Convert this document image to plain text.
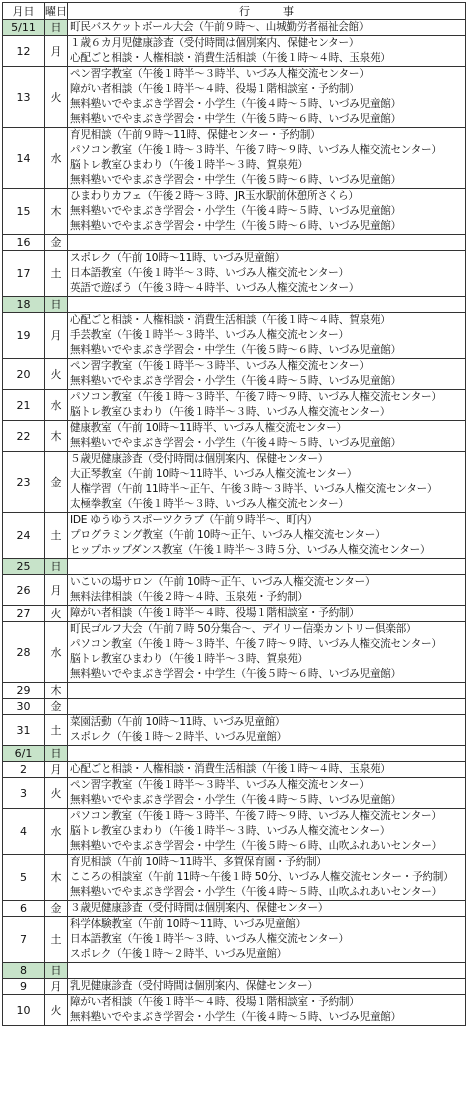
月日	曜日	行　　　事
5/11	日	町民バスケットボール大会（午前９時～、山城勤労者福祉会館）

12	月	１歳６カ月児健康診査（受付時間は個別案内、保健センター）
心配ごと相談・人権相談・消費生活相談（午後１時～４時、玉泉苑）

13	火	ペン習字教室（午後１時半～３時半、いづみ人権交流センター）
障がい者相談（午後１時半～４時、役場１階相談室・予約制）
無料塾いでやまぶき学習会・小学生（午後４時～５時、いづみ児童館）
無料塾いでやまぶき学習会・中学生（午後５時～６時、いづみ児童館）

14	水	育児相談（午前９時～11時、保健センター・予約制）
パソコン教室（午後１時～３時半、午後７時～９時、いづみ人権交流センター）
脳トレ教室ひまわり（午後１時半～３時、賀泉苑）
無料塾いでやまぶき学習会・中学生（午後５時～６時、いづみ児童館）

15	木	ひまわりカフェ（午後２時～３時、JR玉水駅前休憩所さくら）
無料塾いでやまぶき学習会・小学生（午後４時～５時、いづみ児童館）
無料塾いでやまぶき学習会・中学生（午後５時～６時、いづみ児童館）

16	金	

17	土	スポレク（午前 10時～11時、いづみ児童館）
日本語教室（午後１時半～３時、いづみ人権交流センター）
英語で遊ぼう（午後３時～４時半、いづみ人権交流センター）

18	日	

19	月	心配ごと相談・人権相談・消費生活相談（午後１時～４時、賀泉苑）
手芸教室（午後１時半～３時半、いづみ人権交流センター）
無料塾いでやまぶき学習会・中学生（午後５時～６時、いづみ児童館）

20	火	ペン習字教室（午後１時半～３時半、いづみ人権交流センター）
無料塾いでやまぶき学習会・小学生（午後４時～５時、いづみ児童館）

21	水	パソコン教室（午後１時～３時半、午後７時～９時、いづみ人権交流センター）
脳トレ教室ひまわり（午後１時半～３時、いづみ人権交流センター）

22	木	健康教室（午前 10時～11時半、いづみ人権交流センター）
無料塾いでやまぶき学習会・小学生（午後４時～５時、いづみ児童館）

23	金	５歳児健康診査（受付時間は個別案内、保健センター）
大正琴教室（午前 10時～11時半、いづみ人権交流センター）
人権学習（午前 11時半～正午、午後３時～３時半、いづみ人権交流センター）
太極拳教室（午後１時半～３時、いづみ人権交流センター）

24	土	IDE ゆうゆうスポーツクラブ（午前９時半～、町内）
プログラミング教室（午前 10時～正午、いづみ人権交流センター）
ヒップホップダンス教室（午後１時半～３時５分、いづみ人権交流センター）

25	日	

26	月	いこいの場サロン（午前 10時～正午、いづみ人権交流センター）
無料法律相談（午後２時～４時、玉泉苑・予約制）

27	火	障がい者相談（午後１時半～４時、役場１階相談室・予約制）

28	水	町民ゴルフ大会（午前７時 50分集合～、デイリー信楽カントリー倶楽部）
パソコン教室（午後１時～３時半、午後７時～９時、いづみ人権交流センター）
脳トレ教室ひまわり（午後１時半～３時、賀泉苑）
無料塾いでやまぶき学習会・中学生（午後５時～６時、いづみ児童館）

29	木	

30	金	

31	土	菜園活動（午前 10時～11時、いづみ児童館）
スポレク（午後１時～２時半、いづみ児童館）

6/1	日	

2	月	心配ごと相談・人権相談・消費生活相談（午後１時～４時、玉泉苑）

3	火	ペン習字教室（午後１時半～３時半、いづみ人権交流センター）
無料塾いでやまぶき学習会・小学生（午後４時～５時、いづみ児童館）

4	水	パソコン教室（午後１時～３時半、午後７時～９時、いづみ人権交流センター）
脳トレ教室ひまわり（午後１時半～３時、いづみ人権交流センター）
無料塾いでやまぶき学習会・中学生（午後５時～６時、山吹ふれあいセンター）

5	木	育児相談（午前 10時～11時半、多賀保育園・予約制）
こころの相談室（午前 11時～午後１時 50分、いづみ人権交流センター・予約制）
無料塾いでやまぶき学習会・小学生（午後４時～５時、山吹ふれあいセンター）

6	金	３歳児健康診査（受付時間は個別案内、保健センター）

7	土	科学体験教室（午前 10時～11時、いづみ児童館）
日本語教室（午後１時半～３時、いづみ人権交流センター）
スポレク（午後１時～２時半、いづみ児童館）

8	日	

9	月	乳児健康診査（受付時間は個別案内、保健センター）

10	火	障がい者相談（午後１時半～４時、役場１階相談室・予約制）
無料塾いでやまぶき学習会・小学生（午後４時～５時、いづみ児童館）
